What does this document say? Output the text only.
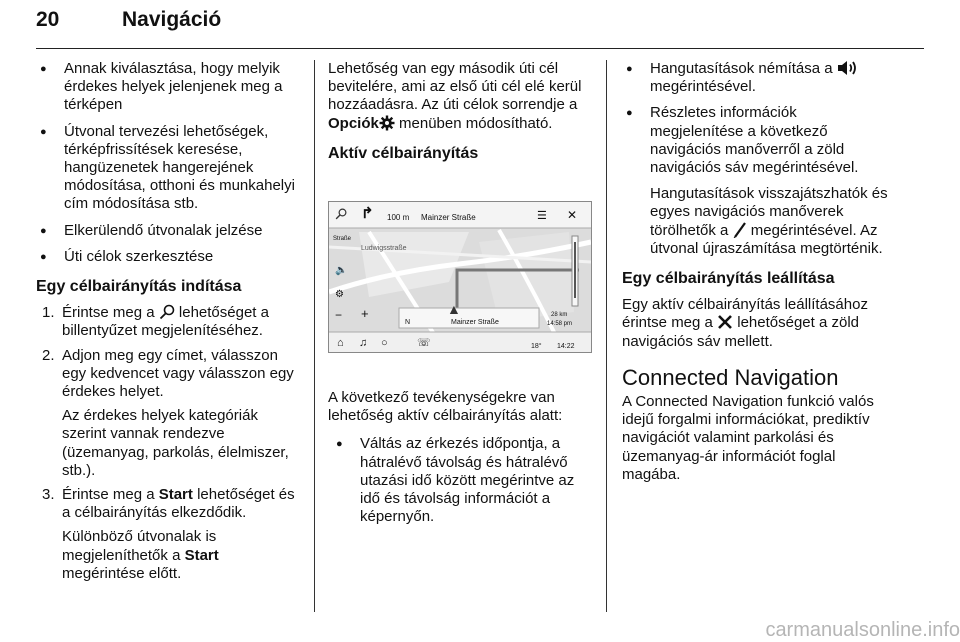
20	Navigáció
● Annak kiválasztása, hogy melyik érdekes helyek jelenjenek meg a térképen
● Útvonal tervezési lehetőségek, térképfrissítések keresése, hangüzenetek hangerejének módosítása, otthoni és munkahelyi cím módosítása stb.
● Elkerülendő útvonalak jelzése
● Úti célok szerkesztése
Egy célbairányítás indítása
1. Érintse meg a lehetőséget a billentyűzet megjelenítéséhez.
2. Adjon meg egy címet, válasszon egy kedvencet vagy válasszon egy érdekes helyet.
Az érdekes helyek kategóriák szerint vannak rendezve (üzemanyag, parkolás, élelmiszer, stb.).
3. Érintse meg a Start lehetőséget és a célbairányítás elkezdődik.
Különböző útvonalak is megjeleníthetők a Start megérintése előtt.

Lehetőség van egy második úti cél bevitelére, ami az első úti cél elé kerül hozzáadásra. Az úti célok sorrendje a Opciók menüben módosítható.

Aktív célbairányítás
↱ 100 m Mainzer Straße	☰ ✕
Straße
Ludwigsstraße
🔈
⚙
− +	▲
N	Mainzer Straße
28 km
14:58 pm
⌂ ♫ ○	☏	18° 14:22

A következő tevékenységekre van lehetőség aktív célbairányítás alatt:

● Váltás az érkezés időpontja, a hátralévő távolság és hátralévő utazási idő között megérintve az idő és távolság információt a képernyőn.
● Hangutasítások némítása a  megérintésével.
● Részletes információk megjelenítése a következő navigációs manőverről a zöld navigációs sáv megérintésével.
Hangutasítások visszajátszhatók és egyes navigációs manőverek törölhetők a megérintésével. Az útvonal újraszámítása megtörténik.
Egy célbairányítás leállítása

Egy aktív célbairányítás leállításához érintse meg a lehetőséget a zöld navigációs sáv mellett.

Connected Navigation

A Connected Navigation funkció valós idejű forgalmi információkat, prediktív navigációt valamint parkolási és üzemanyag-ár információt foglal magába.

carmanualsonline.info
